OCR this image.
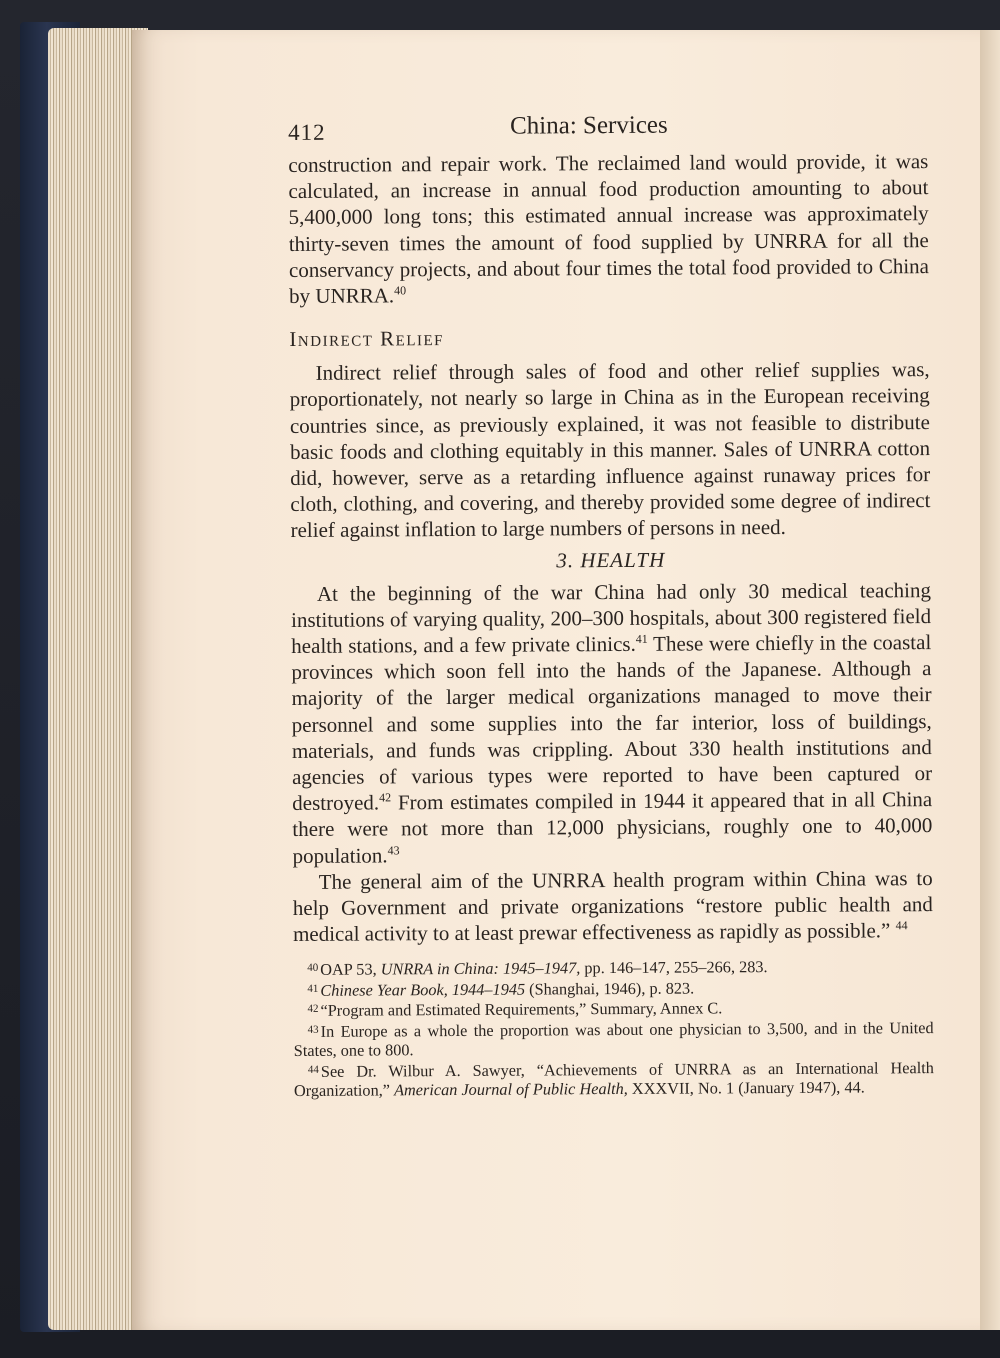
412	China: Services

construction and repair work. The reclaimed land would provide, it was calculated, an increase in annual food production amounting to about 5,400,000 long tons; this estimated annual increase was approximately thirty-seven times the amount of food supplied by UNRRA for all the conservancy projects, and about four times the total food provided to China by UNRRA.$^{40}$

Indirect Relief

Indirect relief through sales of food and other relief supplies was, proportionately, not nearly so large in China as in the European receiving countries since, as previously explained, it was not feasible to distribute basic foods and clothing equitably in this manner. Sales of UNRRA cotton did, however, serve as a retarding influence against runaway prices for cloth, clothing, and covering, and thereby provided some degree of indirect relief against inflation to large numbers of persons in need.

3. HEALTH

At the beginning of the war China had only 30 medical teaching institutions of varying quality, 200–300 hospitals, about 300 registered field health stations, and a few private clinics.$^{41}$ These were chiefly in the coastal provinces which soon fell into the hands of the Japanese. Although a majority of the larger medical organizations managed to move their personnel and some supplies into the far interior, loss of buildings, materials, and funds was crippling. About 330 health institutions and agencies of various types were reported to have been captured or destroyed.$^{42}$ From estimates compiled in 1944 it appeared that in all China there were not more than 12,000 physicians, roughly one to 40,000 population.$^{43}$

The general aim of the UNRRA health program within China was to help Government and private organizations “restore public health and medical activity to at least prewar effectiveness as rapidly as possible.” $^{44}$

$^{40}$ OAP 53, UNRRA in China: 1945–1947, pp. 146–147, 255–266, 283.

$^{41}$ Chinese Year Book, 1944–1945 (Shanghai, 1946), p. 823.

$^{42}$ “Program and Estimated Requirements,” Summary, Annex C.

$^{43}$ In Europe as a whole the proportion was about one physician to 3,500, and in the United States, one to 800.

$^{44}$ See Dr. Wilbur A. Sawyer, “Achievements of UNRRA as an International Health Organization,” American Journal of Public Health, XXXVII, No. 1 (January 1947), 44.
